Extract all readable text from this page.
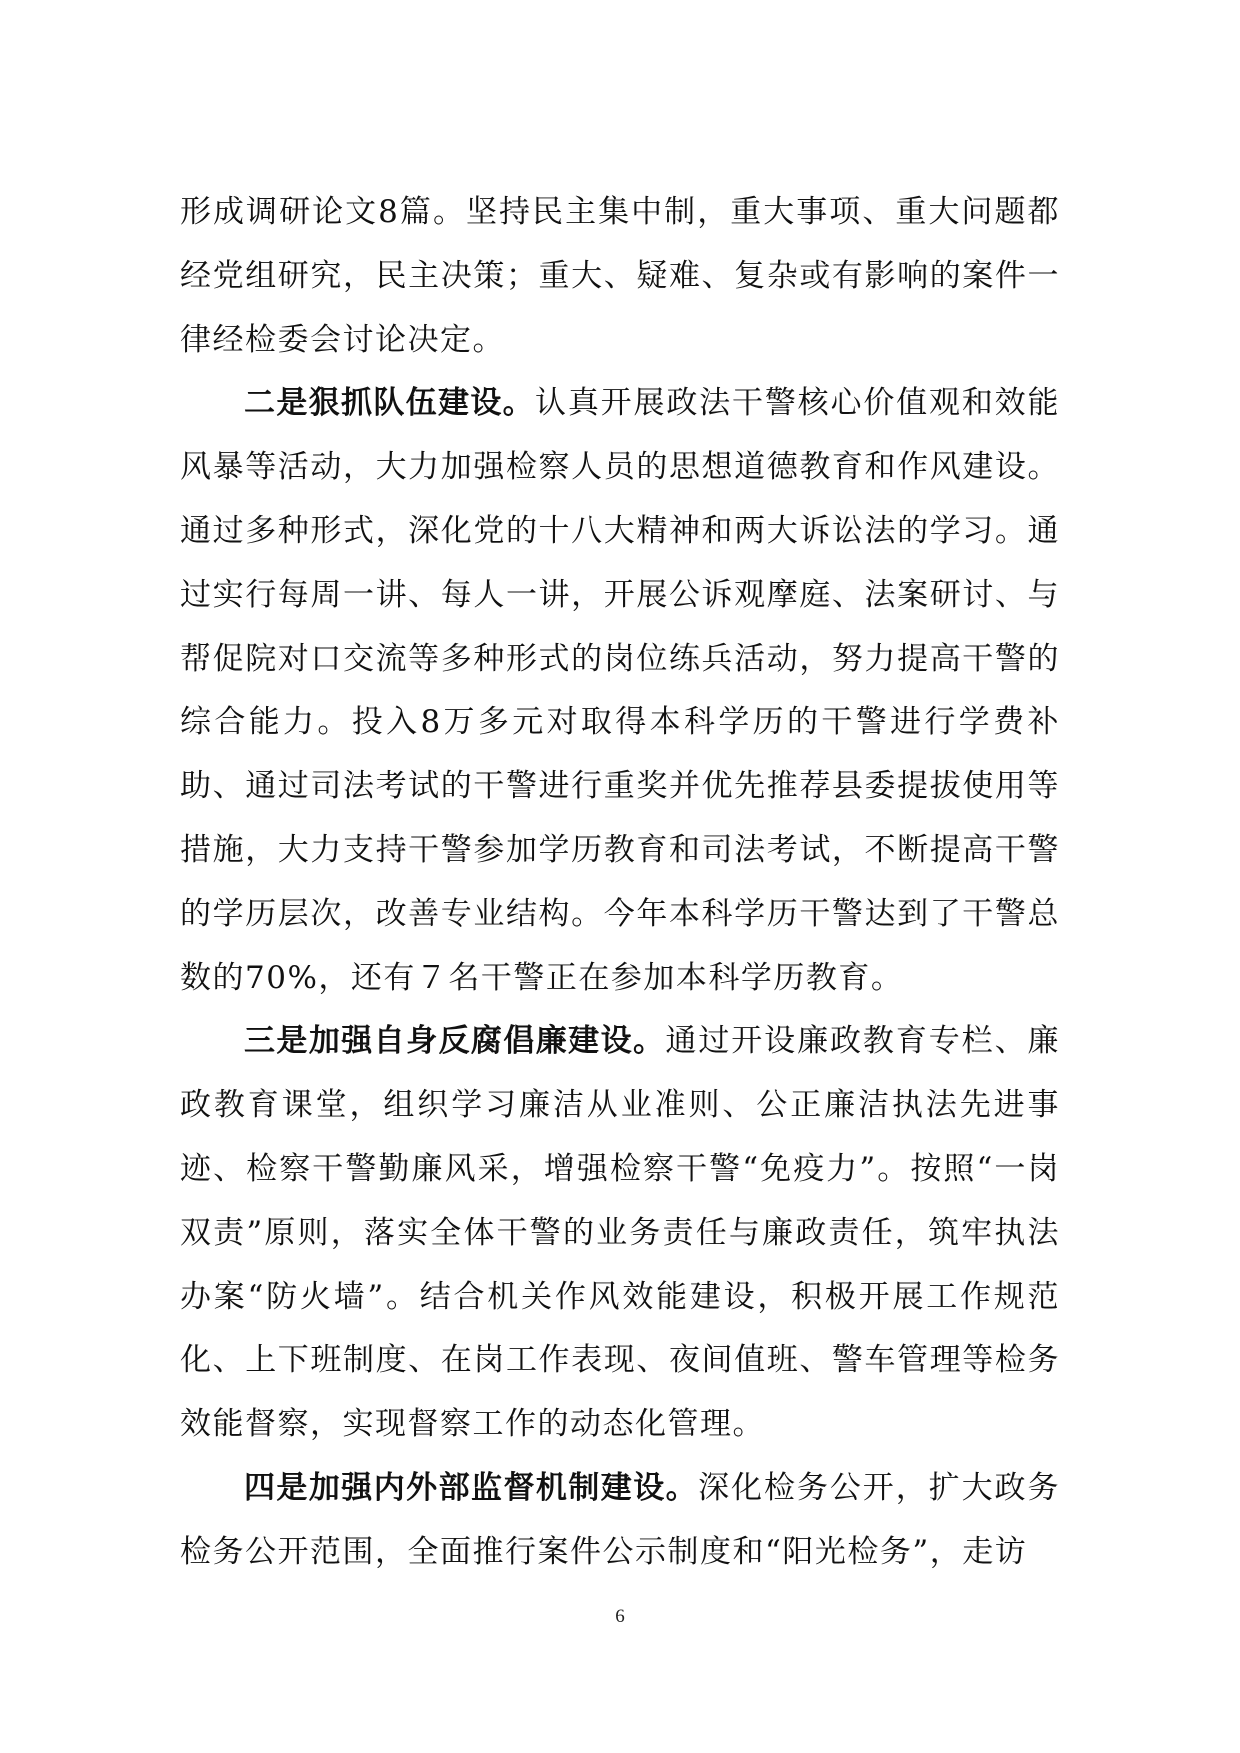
形成调研论文8篇。坚持民主集中制，重大事项、重大问题都经党组研究，民主决策；重大、疑难、复杂或有影响的案件一律经检委会讨论决定。

二是狠抓队伍建设。认真开展政法干警核心价值观和效能风暴等活动，大力加强检察人员的思想道德教育和作风建设。通过多种形式，深化党的十八大精神和两大诉讼法的学习。通过实行每周一讲、每人一讲，开展公诉观摩庭、法案研讨、与帮促院对口交流等多种形式的岗位练兵活动，努力提高干警的综合能力。投入8万多元对取得本科学历的干警进行学费补助、通过司法考试的干警进行重奖并优先推荐县委提拔使用等措施，大力支持干警参加学历教育和司法考试，不断提高干警的学历层次，改善专业结构。今年本科学历干警达到了干警总数的70%，还有７名干警正在参加本科学历教育。

三是加强自身反腐倡廉建设。通过开设廉政教育专栏、廉政教育课堂，组织学习廉洁从业准则、公正廉洁执法先进事迹、检察干警勤廉风采，增强检察干警“免疫力”。按照“一岗双责”原则，落实全体干警的业务责任与廉政责任，筑牢执法办案“防火墙”。结合机关作风效能建设，积极开展工作规范化、上下班制度、在岗工作表现、夜间值班、警车管理等检务效能督察，实现督察工作的动态化管理。

四是加强内外部监督机制建设。深化检务公开，扩大政务检务公开范围，全面推行案件公示制度和“阳光检务”，走访

6
